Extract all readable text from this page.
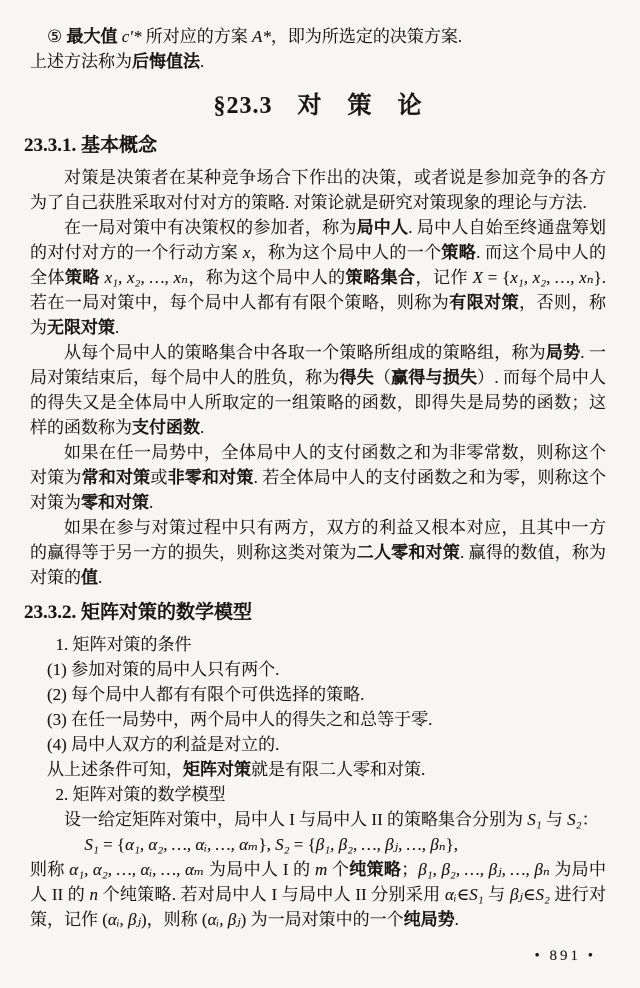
⑤ 最大值 c′* 所对应的方案 A*，即为所选定的决策方案.
上述方法称为后悔值法.
§23.3　对　策　论
23.3.1. 基本概念
对策是决策者在某种竞争场合下作出的决策，或者说是参加竞争的各方为了自己获胜采取对付对方的策略. 对策论就是研究对策现象的理论与方法.
在一局对策中有决策权的参加者，称为局中人. 局中人自始至终通盘筹划的对付对方的一个行动方案 x，称为这个局中人的一个策略. 而这个局中人的全体策略 x₁, x₂, …, xₙ，称为这个局中人的策略集合，记作 X = {x₁, x₂, …, xₙ}. 若在一局对策中，每个局中人都有有限个策略，则称为有限对策，否则，称为无限对策.
从每个局中人的策略集合中各取一个策略所组成的策略组，称为局势. 一局对策结束后，每个局中人的胜负，称为得失（赢得与损失）. 而每个局中人的得失又是全体局中人所取定的一组策略的函数，即得失是局势的函数；这样的函数称为支付函数.
如果在任一局势中，全体局中人的支付函数之和为非零常数，则称这个对策为常和对策或非零和对策. 若全体局中人的支付函数之和为零，则称这个对策为零和对策.
如果在参与对策过程中只有两方，双方的利益又根本对应，且其中一方的赢得等于另一方的损失，则称这类对策为二人零和对策. 赢得的数值，称为对策的值.
23.3.2. 矩阵对策的数学模型
1. 矩阵对策的条件
(1) 参加对策的局中人只有两个.
(2) 每个局中人都有有限个可供选择的策略.
(3) 在任一局势中，两个局中人的得失之和总等于零.
(4) 局中人双方的利益是对立的.
从上述条件可知，矩阵对策就是有限二人零和对策.
2. 矩阵对策的数学模型
设一给定矩阵对策中，局中人 I 与局中人 II 的策略集合分别为 S₁ 与 S₂：
S₁ = {α₁, α₂, …, αᵢ, …, αₘ}, S₂ = {β₁, β₂, …, βⱼ, …, βₙ},
则称 α₁, α₂, …, αᵢ, …, αₘ 为局中人 I 的 m 个纯策略；β₁, β₂, …, βⱼ, …, βₙ 为局中人 II 的 n 个纯策略. 若对局中人 I 与局中人 II 分别采用 αᵢ∈S₁ 与 βⱼ∈S₂ 进行对策，记作 (αᵢ, βⱼ)，则称 (αᵢ, βⱼ) 为一局对策中的一个纯局势.
• 891 •
